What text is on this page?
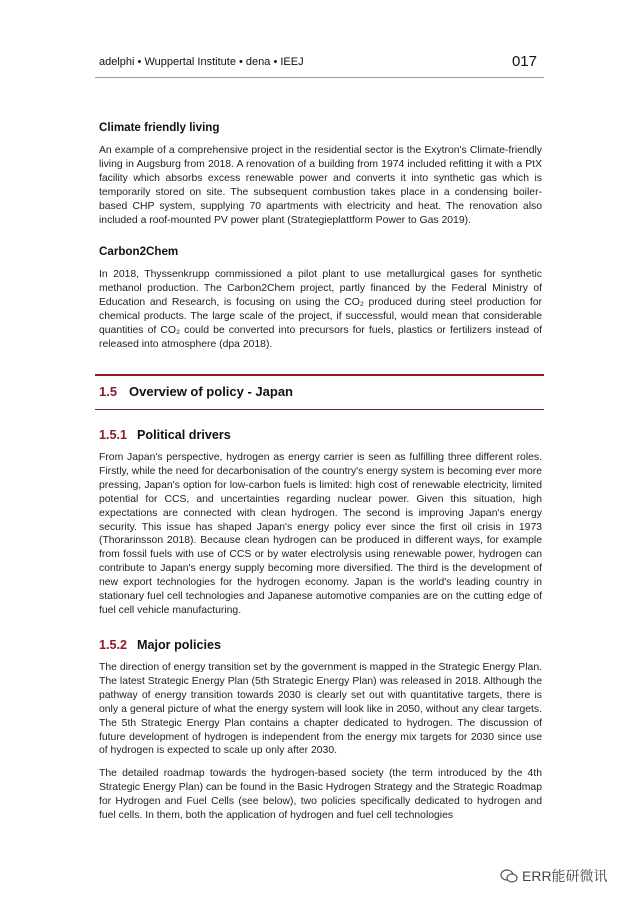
adelphi • Wuppertal Institute • dena • IEEJ	017
Climate friendly living

An example of a comprehensive project in the residential sector is the Exytron's Climate-friendly living in Augsburg from 2018. A renovation of a building from 1974 included refitting it with a PtX facility which absorbs excess renewable power and converts it into synthetic gas which is temporarily stored on site. The subsequent combustion takes place in a condensing boiler-based CHP system, supplying 70 apartments with electricity and heat. The renovation also included a roof-mounted PV power plant (Strategieplattform Power to Gas 2019).

Carbon2Chem

In 2018, Thyssenkrupp commissioned a pilot plant to use metallurgical gases for synthetic methanol production. The Carbon2Chem project, partly financed by the Federal Ministry of Education and Research, is focusing on using the CO₂ produced during steel production for chemical products. The large scale of the project, if successful, would mean that considerable quantities of CO₂ could be converted into precursors for fuels, plastics or fertilizers instead of released into atmosphere (dpa 2018).

1.5 Overview of policy - Japan
1.5.1 Political drivers

From Japan's perspective, hydrogen as energy carrier is seen as fulfilling three different roles. Firstly, while the need for decarbonisation of the country's energy system is becoming ever more pressing, Japan's option for low-carbon fuels is limited: high cost of renewable electricity, limited potential for CCS, and uncertainties regarding nuclear power. Given this situation, high expectations are connected with clean hydrogen. The second is improving Japan's energy security. This issue has shaped Japan's energy policy ever since the first oil crisis in 1973 (Thorarinsson 2018). Because clean hydrogen can be produced in different ways, for example from fossil fuels with use of CCS or by water electrolysis using renewable power, hydrogen can contribute to Japan's energy supply becoming more diversified. The third is the development of new export technologies for the hydrogen economy. Japan is the world's leading country in stationary fuel cell technologies and Japanese automotive companies are on the cutting edge of fuel cell vehicle manufacturing.

1.5.2 Major policies

The direction of energy transition set by the government is mapped in the Strategic Energy Plan. The latest Strategic Energy Plan (5th Strategic Energy Plan) was released in 2018. Although the pathway of energy transition towards 2030 is clearly set out with quantitative targets, there is only a general picture of what the energy system will look like in 2050, without any clear targets. The 5th Strategic Energy Plan contains a chapter dedicated to hydrogen. The discussion of future development of hydrogen is independent from the energy mix targets for 2030 since use of hydrogen is expected to scale up only after 2030.

The detailed roadmap towards the hydrogen-based society (the term introduced by the 4th Strategic Energy Plan) can be found in the Basic Hydrogen Strategy and the Strategic Roadmap for Hydrogen and Fuel Cells (see below), two policies specifically dedicated to hydrogen and fuel cells. In them, both the application of hydrogen and fuel cell technologies

ERR能研微讯
